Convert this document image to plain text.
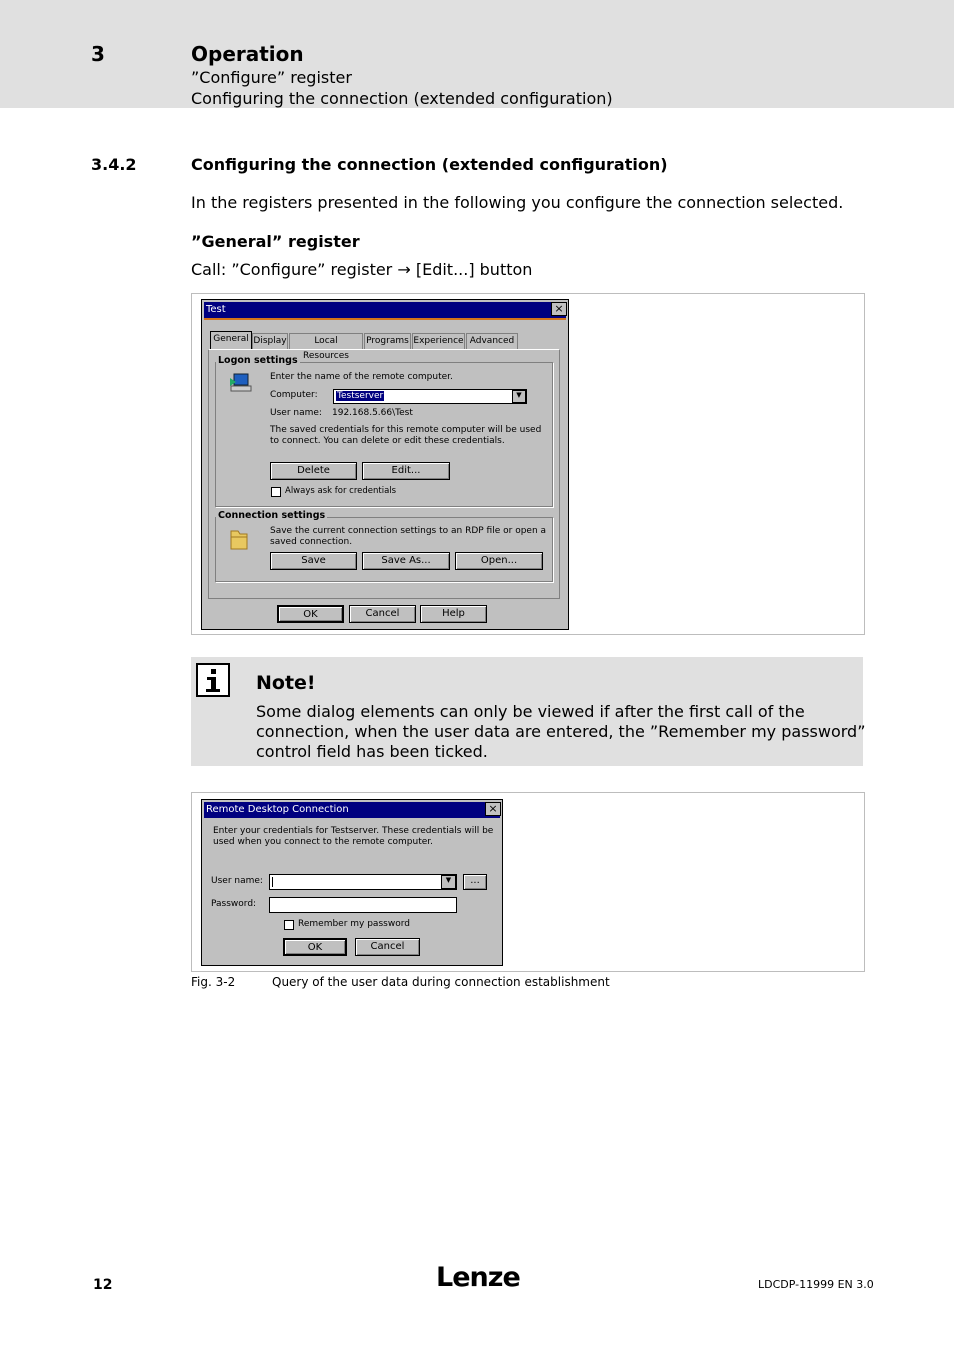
3	Operation
”Configure” register
Configuring the connection (extended configuration)
3.4.2	Configuring the connection (extended configuration)
In the registers presented in the following you configure the connection selected.
”General” register
Call: ”Configure” register → [Edit...] button
Test	×
General Display	Local Resources
Programs Experience Advanced
Logon settings
Enter the name of the remote computer.
Computer: Testserver	▼
User name: 192.168.5.66\Test
The saved credentials for this remote computer will be used
to connect. You can delete or edit these credentials.
Delete	Edit...
Always ask for credentials
Connection settings
Save the current connection settings to an RDP file or open a
saved connection.
Save	Save As...	Open...
OK	Cancel	Help
Note!
Some dialog elements can only be viewed if after the first call of the
connection, when the user data are entered, the ”Remember my password”
control field has been ticked.
Remote Desktop Connection	×
Enter your credentials for Testserver. These credentials will be
used when you connect to the remote computer.
User name:	▼	...
Password:
Remember my password
OK	Cancel
Fig. 3-2	Query of the user data during connection establishment
12	Lenze	LDCDP-11999 EN 3.0
